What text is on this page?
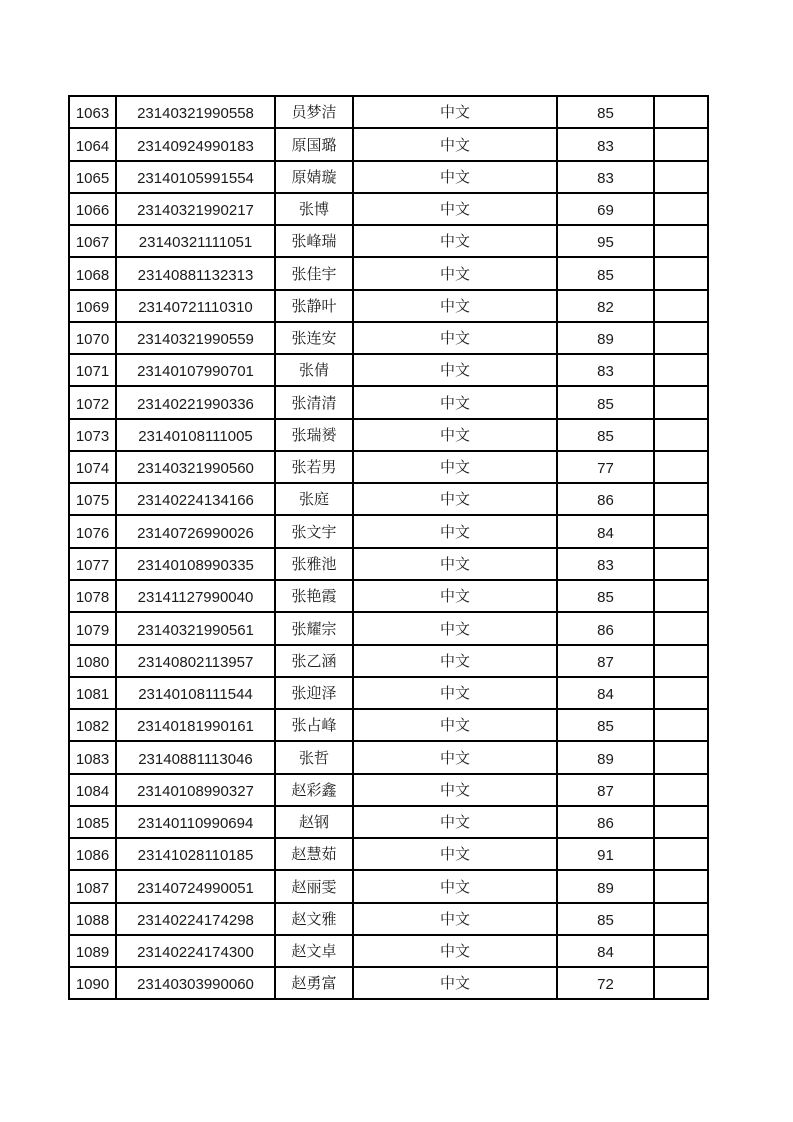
1063	23140321990558	员梦洁	中文	85	
1064	23140924990183	原国璐	中文	83	
1065	23140105991554	原婧璇	中文	83	
1066	23140321990217	张博	中文	69	
1067	23140321111051	张峰瑞	中文	95	
1068	23140881132313	张佳宇	中文	85	
1069	23140721110310	张静叶	中文	82	
1070	23140321990559	张连安	中文	89	
1071	23140107990701	张倩	中文	83	
1072	23140221990336	张清清	中文	85	
1073	23140108111005	张瑞赟	中文	85	
1074	23140321990560	张若男	中文	77	
1075	23140224134166	张庭	中文	86	
1076	23140726990026	张文宇	中文	84	
1077	23140108990335	张雅池	中文	83	
1078	23141127990040	张艳霞	中文	85	
1079	23140321990561	张耀宗	中文	86	
1080	23140802113957	张乙涵	中文	87	
1081	23140108111544	张迎泽	中文	84	
1082	23140181990161	张占峰	中文	85	
1083	23140881113046	张哲	中文	89	
1084	23140108990327	赵彩鑫	中文	87	
1085	23140110990694	赵钢	中文	86	
1086	23141028110185	赵慧茹	中文	91	
1087	23140724990051	赵丽雯	中文	89	
1088	23140224174298	赵文雅	中文	85	
1089	23140224174300	赵文卓	中文	84	
1090	23140303990060	赵勇富	中文	72	
